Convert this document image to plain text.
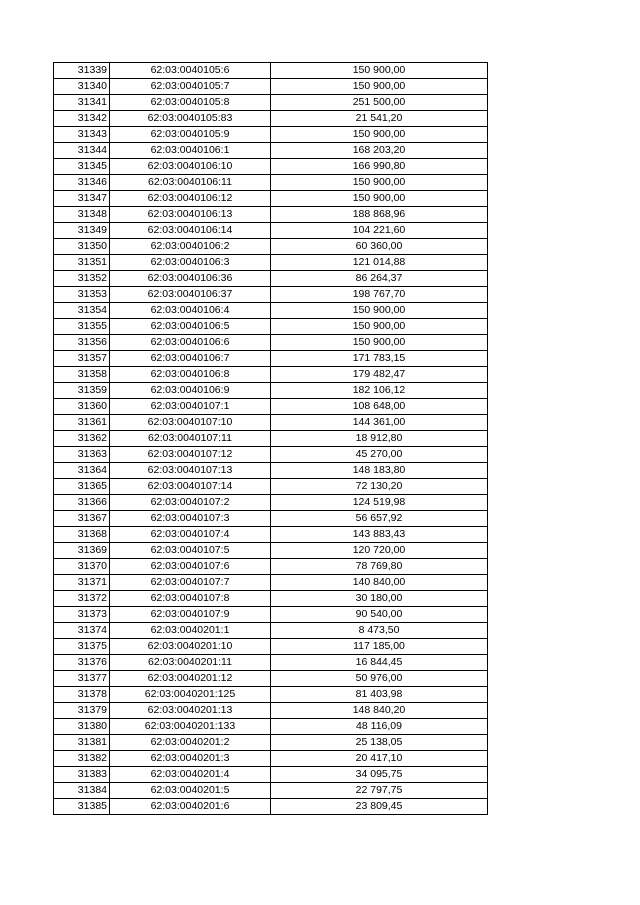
31339	62:03:0040105:6	150 900,00
31340	62:03:0040105:7	150 900,00
31341	62:03:0040105:8	251 500,00
31342	62:03:0040105:83	21 541,20
31343	62:03:0040105:9	150 900,00
31344	62:03:0040106:1	168 203,20
31345	62:03:0040106:10	166 990,80
31346	62:03:0040106:11	150 900,00
31347	62:03:0040106:12	150 900,00
31348	62:03:0040106:13	188 868,96
31349	62:03:0040106:14	104 221,60
31350	62:03:0040106:2	60 360,00
31351	62:03:0040106:3	121 014,88
31352	62:03:0040106:36	86 264,37
31353	62:03:0040106:37	198 767,70
31354	62:03:0040106:4	150 900,00
31355	62:03:0040106:5	150 900,00
31356	62:03:0040106:6	150 900,00
31357	62:03:0040106:7	171 783,15
31358	62:03:0040106:8	179 482,47
31359	62:03:0040106:9	182 106,12
31360	62:03:0040107:1	108 648,00
31361	62:03:0040107:10	144 361,00
31362	62:03:0040107:11	18 912,80
31363	62:03:0040107:12	45 270,00
31364	62:03:0040107:13	148 183,80
31365	62:03:0040107:14	72 130,20
31366	62:03:0040107:2	124 519,98
31367	62:03:0040107:3	56 657,92
31368	62:03:0040107:4	143 883,43
31369	62:03:0040107:5	120 720,00
31370	62:03:0040107:6	78 769,80
31371	62:03:0040107:7	140 840,00
31372	62:03:0040107:8	30 180,00
31373	62:03:0040107:9	90 540,00
31374	62:03:0040201:1	8 473,50
31375	62:03:0040201:10	117 185,00
31376	62:03:0040201:11	16 844,45
31377	62:03:0040201:12	50 976,00
31378	62:03:0040201:125	81 403,98
31379	62:03:0040201:13	148 840,20
31380	62:03:0040201:133	48 116,09
31381	62:03:0040201:2	25 138,05
31382	62:03:0040201:3	20 417,10
31383	62:03:0040201:4	34 095,75
31384	62:03:0040201:5	22 797,75
31385	62:03:0040201:6	23 809,45
